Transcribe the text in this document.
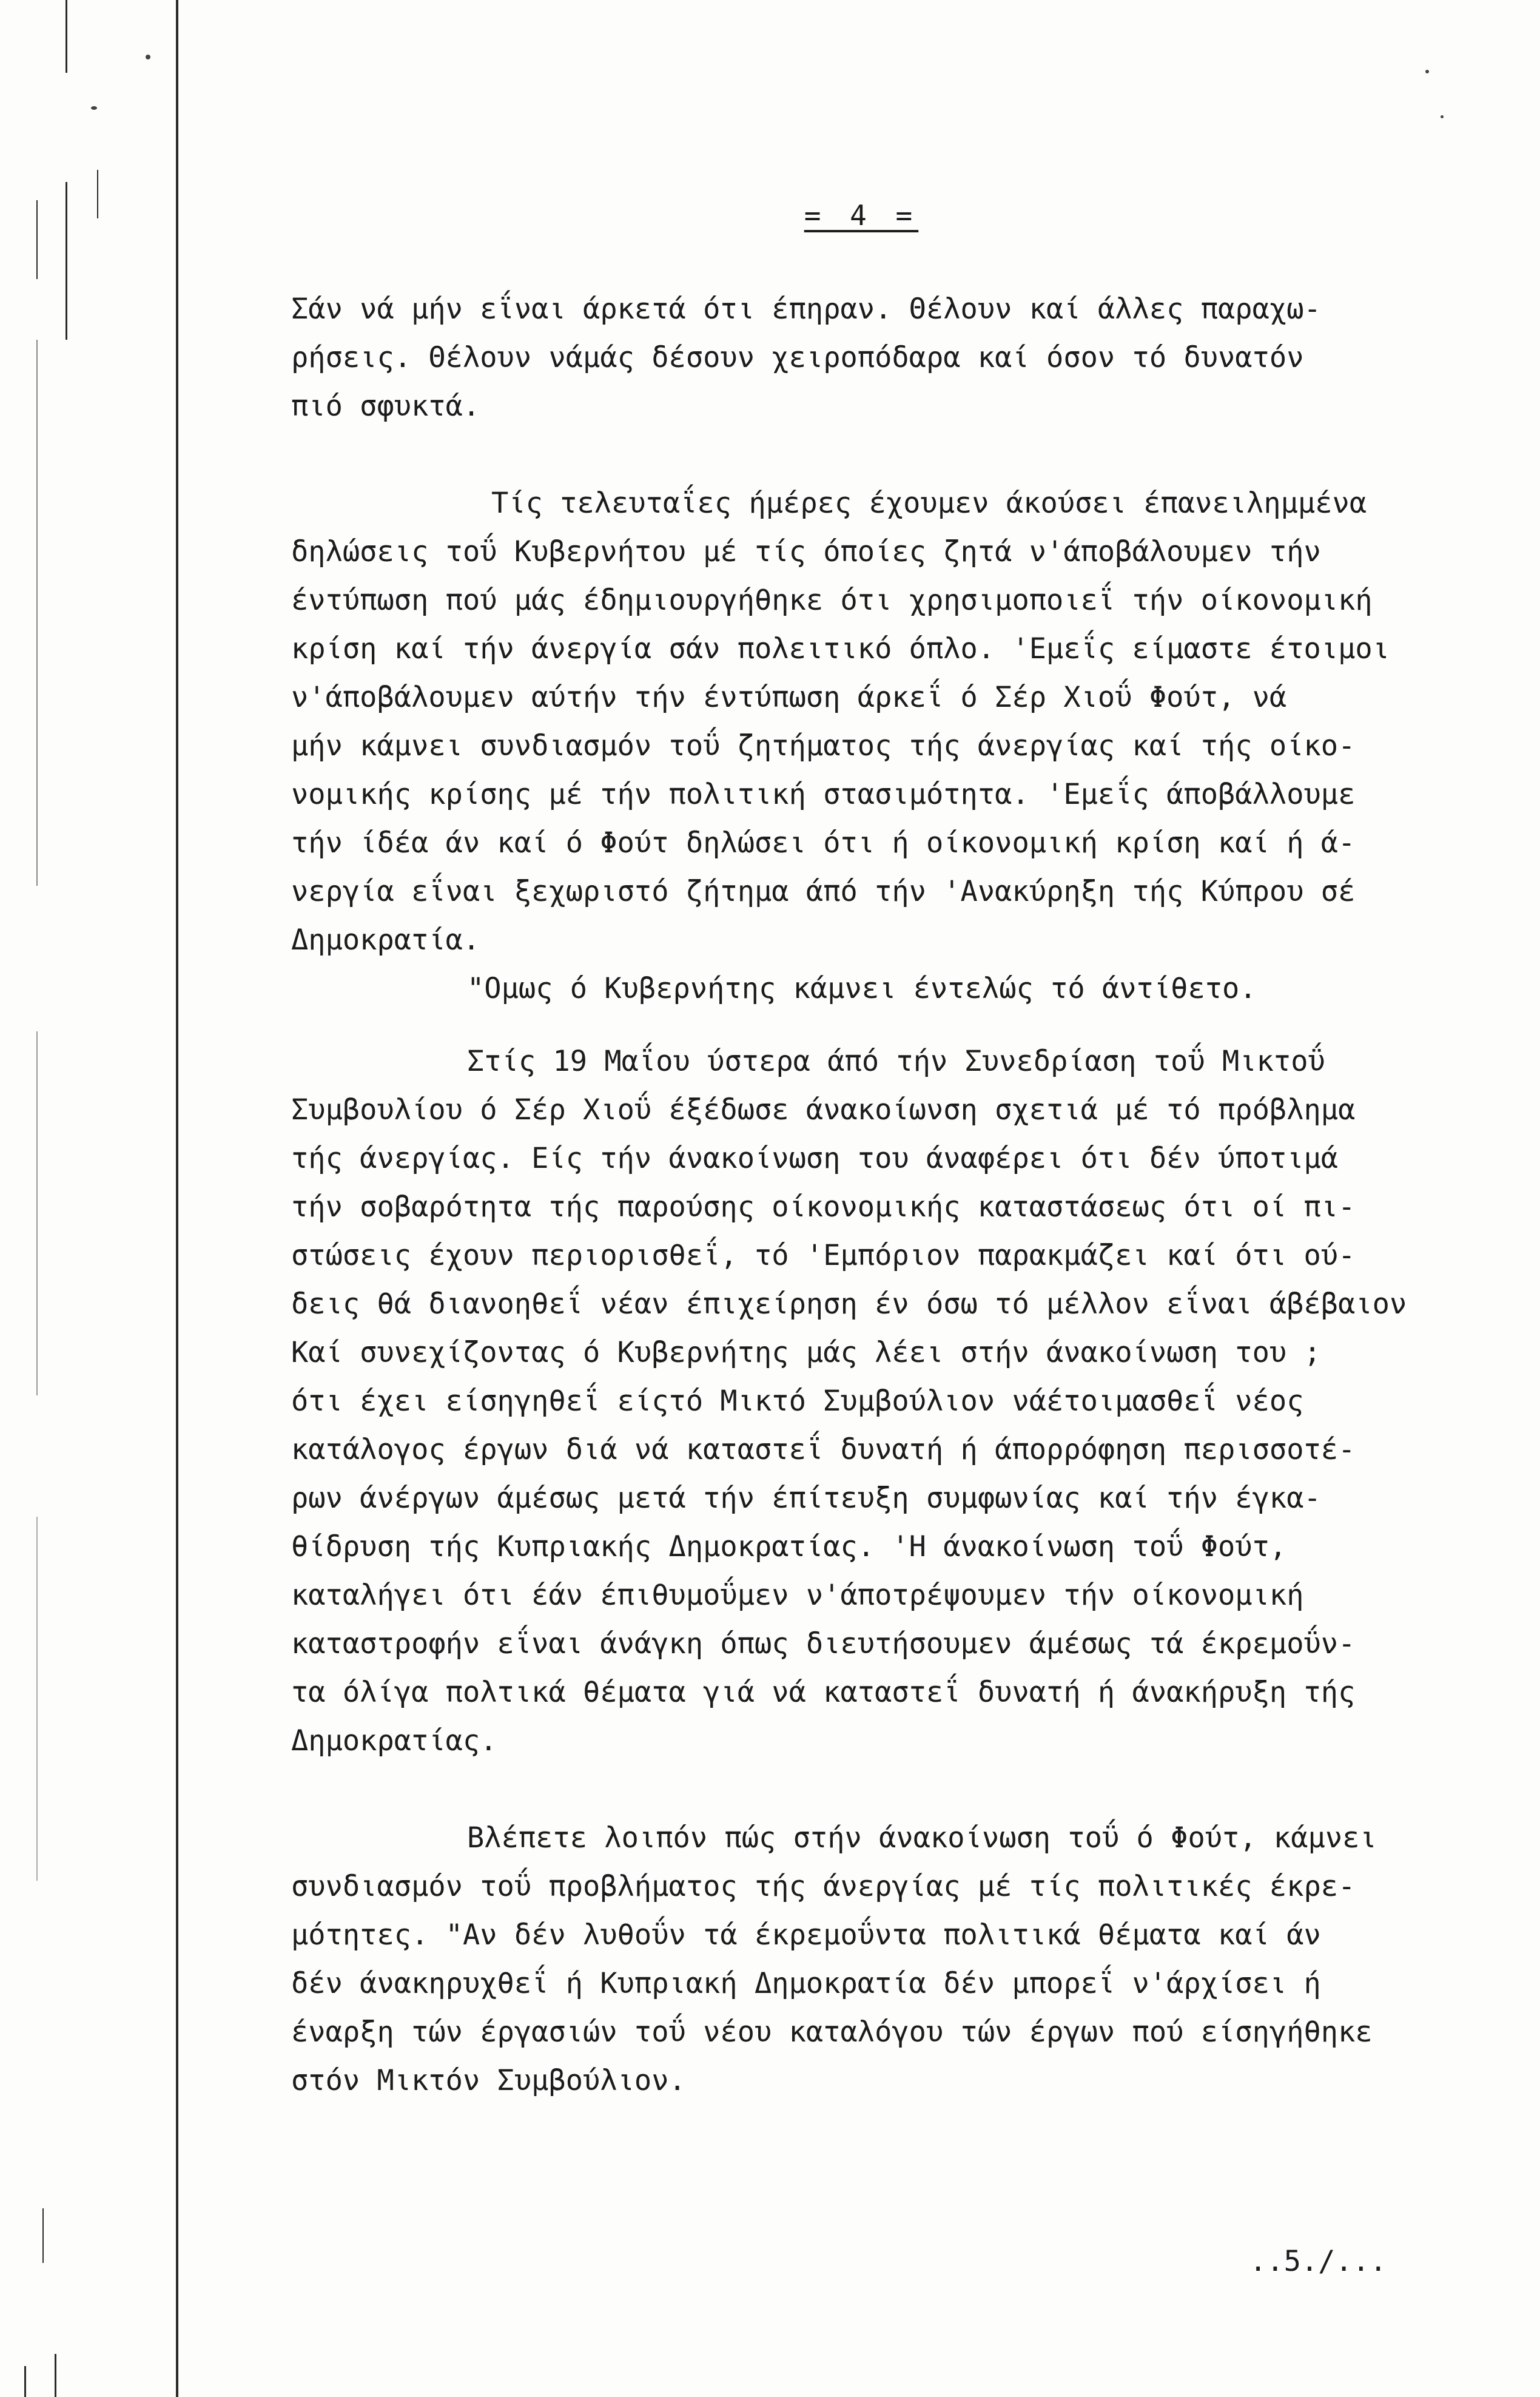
= 4 =
Σάν νά μήν εΐναι άρκετά ότι έπηραν. Θέλουν καί άλλες παραχω-
ρήσεις. Θέλουν νάμάς δέσουν χειροπόδαρα καί όσον τό δυνατόν
πιό σφυκτά.
Τίς τελευταΐες ήμέρες έχουμεν άκούσει έπανειλημμένα
δηλώσεις τοΰ Κυβερνήτου μέ τίς όποίες ζητά ν'άποβάλουμεν τήν
έντύπωση πού μάς έδημιουργήθηκε ότι χρησιμοποιεΐ τήν οίκονομική
κρίση καί τήν άνεργία σάν πολειτικό όπλο. 'Εμεΐς είμαστε έτοιμοι
ν'άποβάλουμεν αύτήν τήν έντύπωση άρκεΐ ό Σέρ Χιοΰ Φούτ, νά
μήν κάμνει συνδιασμόν τοΰ ζητήματος τής άνεργίας καί τής οίκο-
νομικής κρίσης μέ τήν πολιτική στασιμότητα. 'Εμεΐς άποβάλλουμε
τήν ίδέα άν καί ό Φούτ δηλώσει ότι ή οίκονομική κρίση καί ή ά-
νεργία εΐναι ξεχωριστό ζήτημα άπό τήν 'Ανακύρηξη τής Κύπρου σέ
Δημοκρατία.
"Ομως ό Κυβερνήτης κάμνει έντελώς τό άντίθετο.
Στίς 19 Μαΐου ύστερα άπό τήν Συνεδρίαση τοΰ Μικτοΰ
Συμβουλίου ό Σέρ Χιοΰ έξέδωσε άνακοίωνση σχετιά μέ τό πρόβλημα
τής άνεργίας. Είς τήν άνακοίνωση του άναφέρει ότι δέν ύποτιμά
τήν σοβαρότητα τής παρούσης οίκονομικής καταστάσεως ότι οί πι-
στώσεις έχουν περιορισθεΐ, τό 'Εμπόριον παρακμάζει καί ότι ού-
δεις θά διανοηθεΐ νέαν έπιχείρηση έν όσω τό μέλλον εΐναι άβέβαιον
Καί συνεχίζοντας ό Κυβερνήτης μάς λέει στήν άνακοίνωση του ;
ότι έχει είσηγηθεΐ είςτό Μικτό Συμβούλιον νάέτοιμασθεΐ νέος
κατάλογος έργων διά νά καταστεΐ δυνατή ή άπορρόφηση περισσοτέ-
ρων άνέργων άμέσως μετά τήν έπίτευξη συμφωνίας καί τήν έγκα-
θίδρυση τής Κυπριακής Δημοκρατίας. 'Η άνακοίνωση τοΰ Φούτ,
καταλήγει ότι έάν έπιθυμοΰμεν ν'άποτρέψουμεν τήν οίκονομική
καταστροφήν εΐναι άνάγκη όπως διευτήσουμεν άμέσως τά έκρεμοΰν-
τα όλίγα πολτικά θέματα γιά νά καταστεΐ δυνατή ή άνακήρυξη τής
Δημοκρατίας.
Βλέπετε λοιπόν πώς στήν άνακοίνωση τοΰ ό Φούτ, κάμνει
συνδιασμόν τοΰ προβλήματος τής άνεργίας μέ τίς πολιτικές έκρε-
μότητες. "Αν δέν λυθοΰν τά έκρεμοΰντα πολιτικά θέματα καί άν
δέν άνακηρυχθεΐ ή Κυπριακή Δημοκρατία δέν μπορεΐ ν'άρχίσει ή
έναρξη τών έργασιών τοΰ νέου καταλόγου τών έργων πού είσηγήθηκε
στόν Μικτόν Συμβούλιον.
..5./...
